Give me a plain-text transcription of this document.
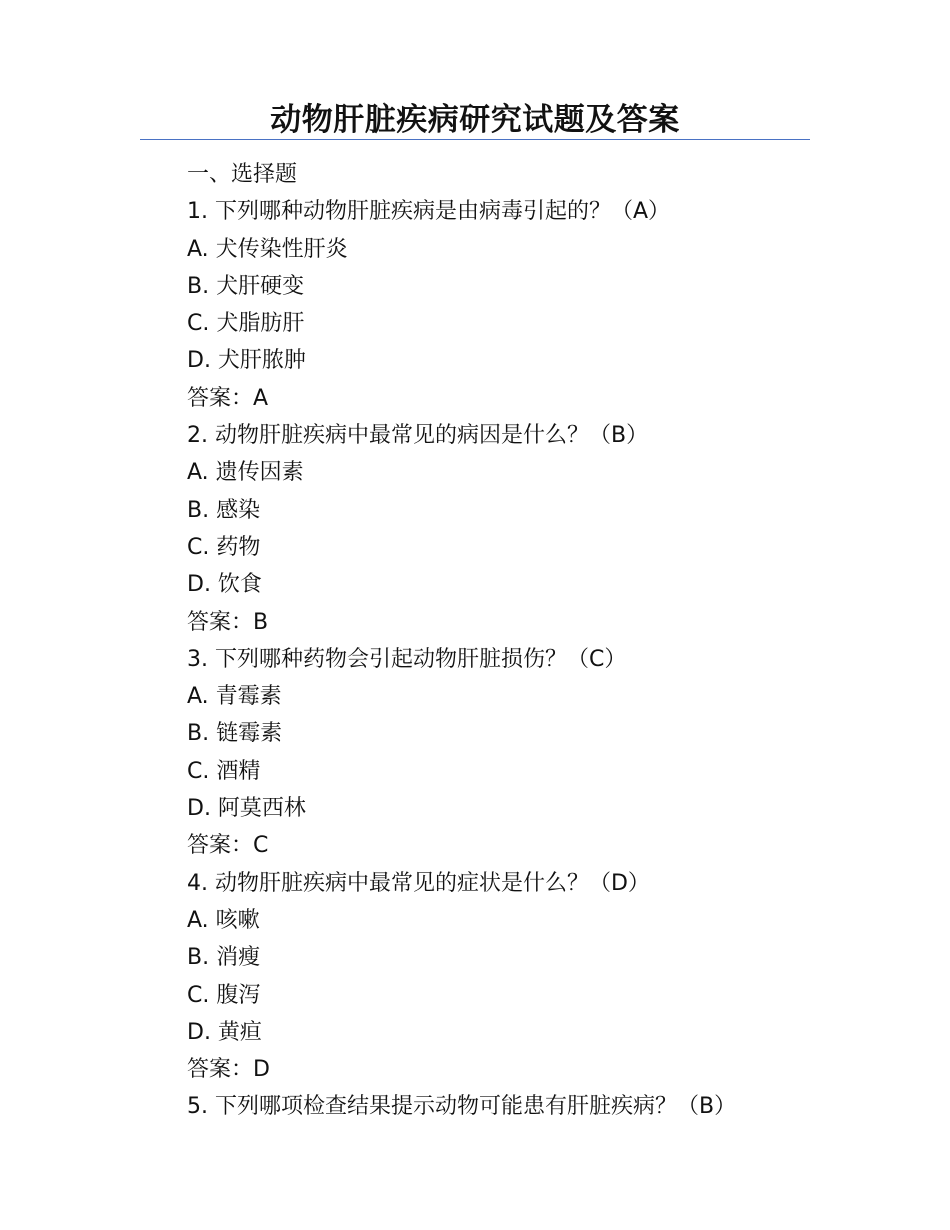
动物肝脏疾病研究试题及答案

一、选择题

1. 下列哪种动物肝脏疾病是由病毒引起的？（A）

A. 犬传染性肝炎

B. 犬肝硬变

C. 犬脂肪肝

D. 犬肝脓肿

答案：A

2. 动物肝脏疾病中最常见的病因是什么？（B）

A. 遗传因素

B. 感染

C. 药物

D. 饮食

答案：B

3. 下列哪种药物会引起动物肝脏损伤？（C）

A. 青霉素

B. 链霉素

C. 酒精

D. 阿莫西林

答案：C

4. 动物肝脏疾病中最常见的症状是什么？（D）

A. 咳嗽

B. 消瘦

C. 腹泻

D. 黄疸

答案：D

5. 下列哪项检查结果提示动物可能患有肝脏疾病？（B）
